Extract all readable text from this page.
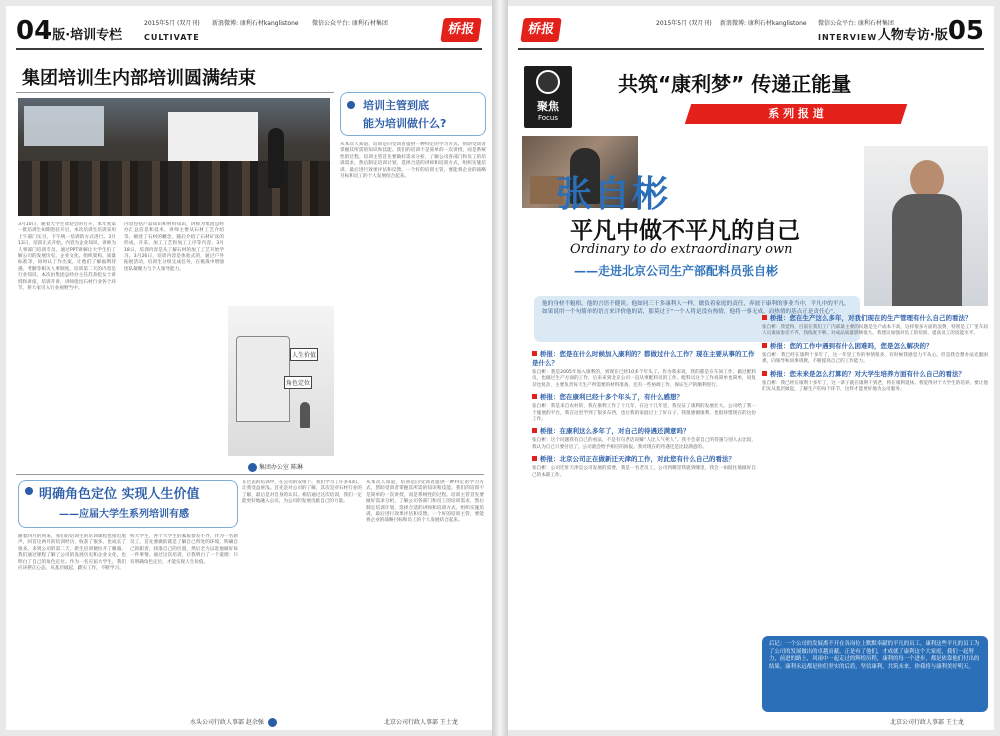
04版·培训专栏
2015年5月 (双月刊) 新浪微博: 康利石材kanglistone 微信公众平台: 康利石材集团
CULTIVATE
桥报
集团培训生内部培训圆满结束
培训主管到底
能为培训做什么?
3月10日，随着大学生欢迎会的召开，本年度第一批培训生如期进驻开启，本次培训生培训采用上午部门实习，下午统一培训的方式进行。3月13日，培训正式开始。内容为企业知识，讲师为人事部门培训专员。通过PPT讲解让大学生们了解公司的发展历史、企业文化、组织架构、质量标准等，同时认了作出案，让他们了解福利待遇、考勤等相关人事制度。培训第二天的内容是行业知识，本次由集团总经办主任苏劲松女士讲授和讲座，培训开讲，讲师指出石材行业各个环节，将大家引入行业视野当中。
内容包括产品知识和材料知识，讲师为集团总经办汇总信息和技术，讲师主要从石材工艺介绍等，阐述了石材的概念，随后介绍了石材矿床的形成，开采、加工工艺和加工工序等内容。3月18日，培训内容是从了解石材的加工工艺开始学习。3月26日，培训内容是体验式的，通过户外拓展活动，培训生分组完成任务，在挑战中增强团队凝聚力与个人领导能力。
从本次人知道，培训是向受训者提供一种特定的学习方式，帮助受训者掌握其所需的知识和技能。我们的培训不是简单的一次讲授，而是系统性的过程。培训主管首先要做好需求分析，了解公司各部门和员工的培训需求，然后制定培训计划，选择合适的讲师和培训方式，组织实施培训，最后进行效果评估和反馈。一个好的培训主管，要能将企业的战略目标和员工的个人发展结合起来。
人生价值
角色定位
集团办公室 陈琳
明确角色定位 实现人生价值
——应届大学生系列培训有感
随着四月的到来，我们的培训生的培训课程也接近尾声，回首这两月的培训经历，收获了很多，也成长了很多。来到公司的第二天，新生培训便拉开了帷幕，我们通过课程了解了公司的发展历史和企业文化，也明白了自己的角色定位。作为一名应届大学生，我们应该摆正心态，从基层做起，踏实工作，不断学习。
校大学生，各个大学生的素质参差不齐，作为一名新员工，首先要做的就是了解自己所处的环境，明确自己的职责，找准自己的位置，然后全力以赴地做好每一件事情。通过这次培训，让我明白了一个道理：只有明确角色定位，才能实现人生价值。
在过去的培训中，在公司的安排下，我们学习了许多知识，让我受益匪浅。首先是对公司的了解，其次是对石材行业的了解，最后是对自身的认识。相信通过这次培训，我们一定能更好地融入公司，为公司的发展贡献自己的力量。
从本次人知道，培训是向受训者提供一种特定的学习方式，帮助受训者掌握其所需的知识和技能。我们的培训不是简单的一次讲授，而是系统性的过程。培训主管首先要做好需求分析，了解公司各部门和员工的培训需求，然后制定培训计划，选择合适的讲师和培训方式，组织实施培训，最后进行效果评估和反馈。一个好的培训主管，要能将企业的战略目标和员工的个人发展结合起来。
水头公司行政人事部 赵余强	北京公司行政人事部 王士龙
桥报	2015年5月 (双月刊) 新浪微博: 康利石材kanglistone 微信公众平台: 康利石材集团
INTERVIEW 人物专访·版05
聚焦
Focus
共筑“康利梦” 传递正能量
系 列 报 道
张自彬
平凡中做不平凡的自己
Ordinary to do extraordinary own
——走进北京公司生产部配料员张自彬
他的身材不魁梧，他的言语不健谈。他如同三千多康利人一样，做负着家庭的责任，奔波于康利的事业当中，平凡中的平凡。如果说用一个句简单的语言来评价他的话，那莫过于“一个人将是没有热情，他将一事无成，而热情的基点正是责任心”。
桥报：您是在什么时候加入康利的？都做过什么工作？现在主要从事的工作是什么？
张自彬：我是2005年加入康利的，到现在已经10多个年头了。作为我来说，我的都是在车间工作，做过配料员，也做过生产方面的工作，后来来到北京公司一直从事配料员的工作。配料员这个工作说简单也简单，说复杂也复杂，主要负责每天生产所需要的材料准备，还有一些协调工作，保证生产的顺利进行。
桥报：您在康利已经十多个年头了，有什么感想？
张自彬：我是来自农村的，我在康利工作了十几年，在这十几年里，我见证了康利的发展壮大。公司给了我一个施展的平台，我在这里学到了很多东西，也让我的家庭过上了好日子。我很感谢康利，也很珍惜现在的这份工作。
桥报：在康利这么多年了，对自己的待遇还满意吗？
张自彬：这个问题我有自己的看法，不是有句老话说嘛“人比人气死人”。我不会拿自己的待遇与别人去比较，我认为自己只要付出了，公司就会给予相应的回报。我对现在的待遇还是比较满意的。
桥报：北京公司正在做新迁天津的工作，对此您有什么自己的看法？
张自彬：公司迁址天津是公司发展的需要，我是一名老员工，公司到哪里我就到哪里，我会一如既往地做好自己的本职工作。
桥报：您在生产这么多年，对我们现在的生产管理有什么自己的看法？
张自彬：我觉得，目前在我们工厂内部最主要的问题是生产成本不高，这样很多方面的浪费，特别是工厂里车间人员素质参差不齐，熟练度不够，对成品质量影响很大。我建议加强对员工的培训，提高员工的技能水平。
桥报：您的工作中遇到有什么困难吗，您是怎么解决的？
张自彬：我已经在康利十多年了，这一年里工作的事情很多，有时候我感觉力不从心。但是我会想办法克服困难，向领导和同事请教，不断提高自己的工作能力。
桥报：您未来是怎么打算的？对大学生培养方面有什么自己的看法？
张自彬：我已经在康利十多年了，这一辈子就在康利干到老，将在康利退休。我觉得对于大学生的培养，要让他们先从基层做起，了解生产的每个环节，这样才能更好地为公司服务。
后记：一个公司的发展离不开在各岗位上默默奉献的平凡的员工，康利这些平凡的员工为了公司的发展做出的卓越贡献，正是有了他们，才成就了康利这个大家庭，我们一起努力，前进的路上，风雨中一起走过的辉煌历程，康利的每一个进步，都是依靠他们付出的结果。康利永远都是你们坚实的后盾，坚信康利，共筑未来，你我将与康利美好明天。
北京公司行政人事部 王士龙
